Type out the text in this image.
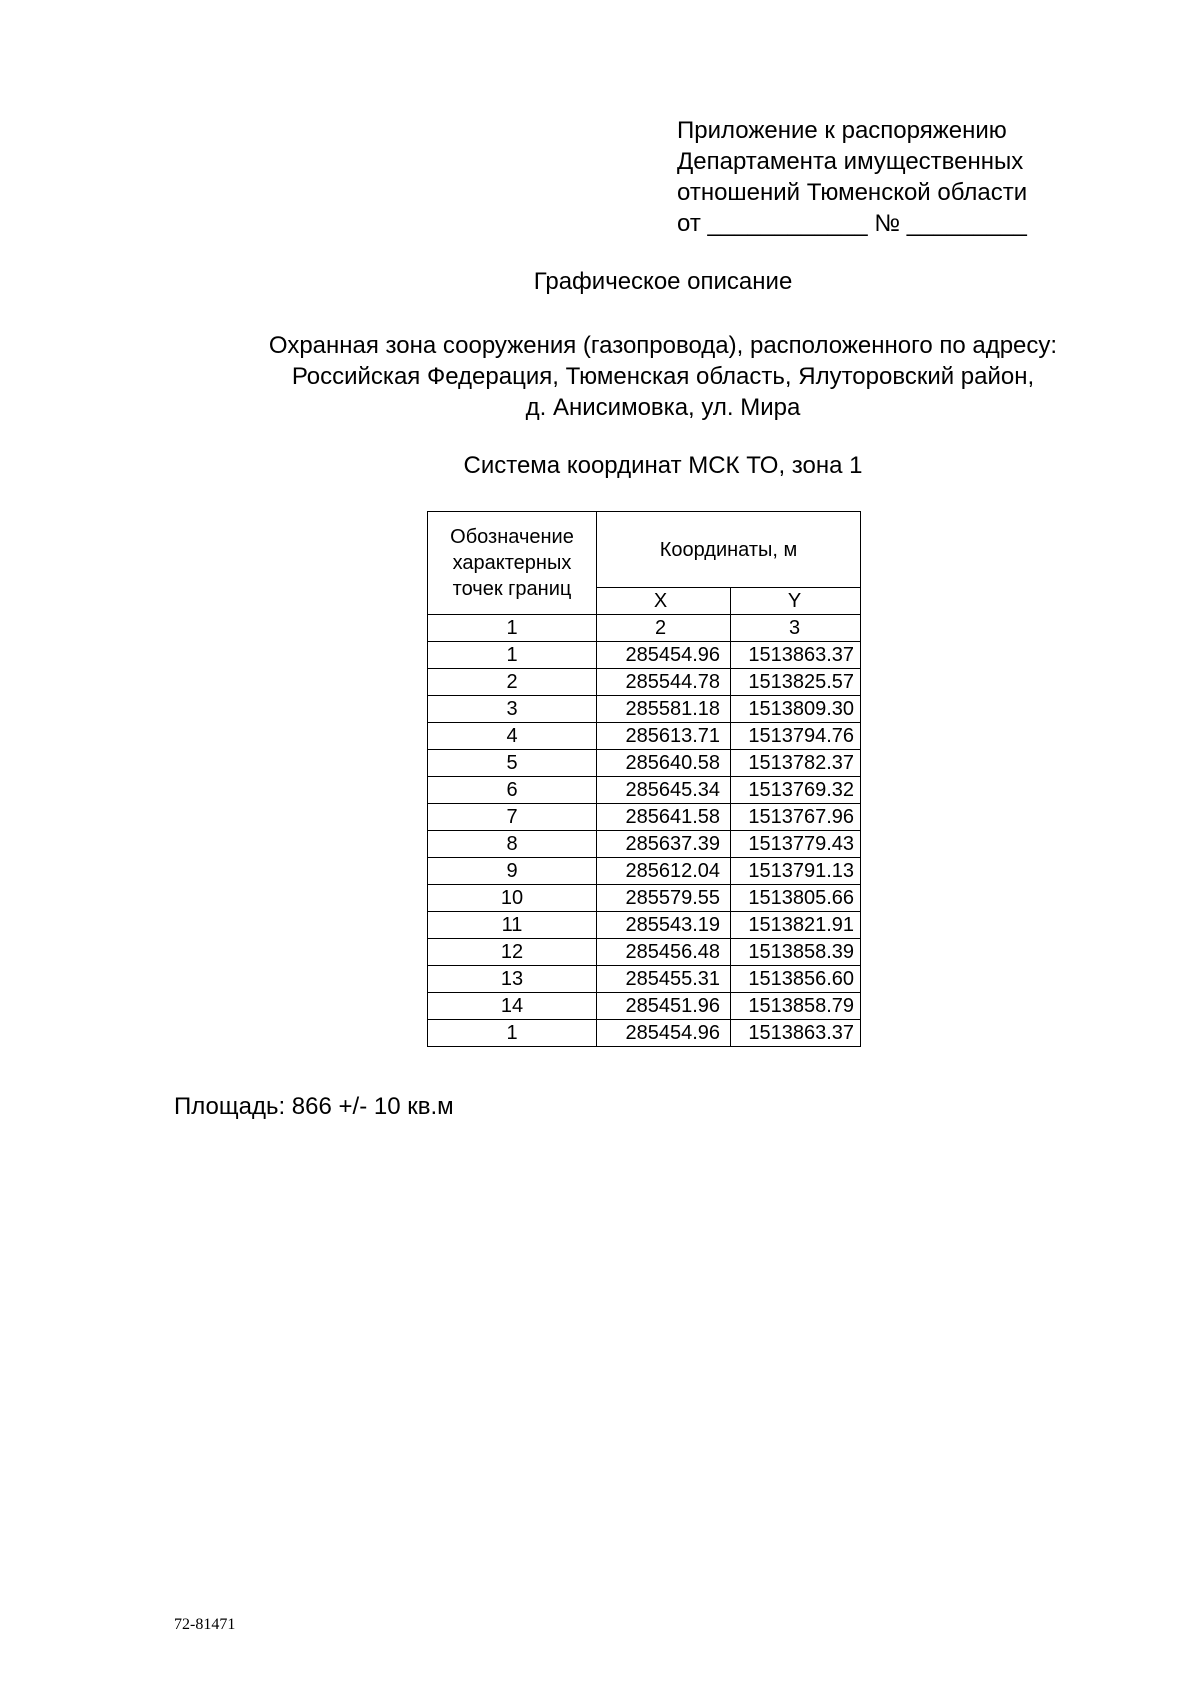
Приложение к распоряжению
Департамента имущественных
отношений Тюменской области
от ____________ № _________
Графическое описание
Охранная зона сооружения (газопровода), расположенного по адресу:
Российская Федерация, Тюменская область, Ялуторовский район,
д. Анисимовка, ул. Мира
Система координат МСК ТО, зона 1
Обозначение характерных точек границ	Координаты, м	
	X	Y
1	2	3
1	285454.96	1513863.37
2	285544.78	1513825.57
3	285581.18	1513809.30
4	285613.71	1513794.76
5	285640.58	1513782.37
6	285645.34	1513769.32
7	285641.58	1513767.96
8	285637.39	1513779.43
9	285612.04	1513791.13
10	285579.55	1513805.66
11	285543.19	1513821.91
12	285456.48	1513858.39
13	285455.31	1513856.60
14	285451.96	1513858.79
1	285454.96	1513863.37
Площадь: 866 +/- 10 кв.м
72-81471
